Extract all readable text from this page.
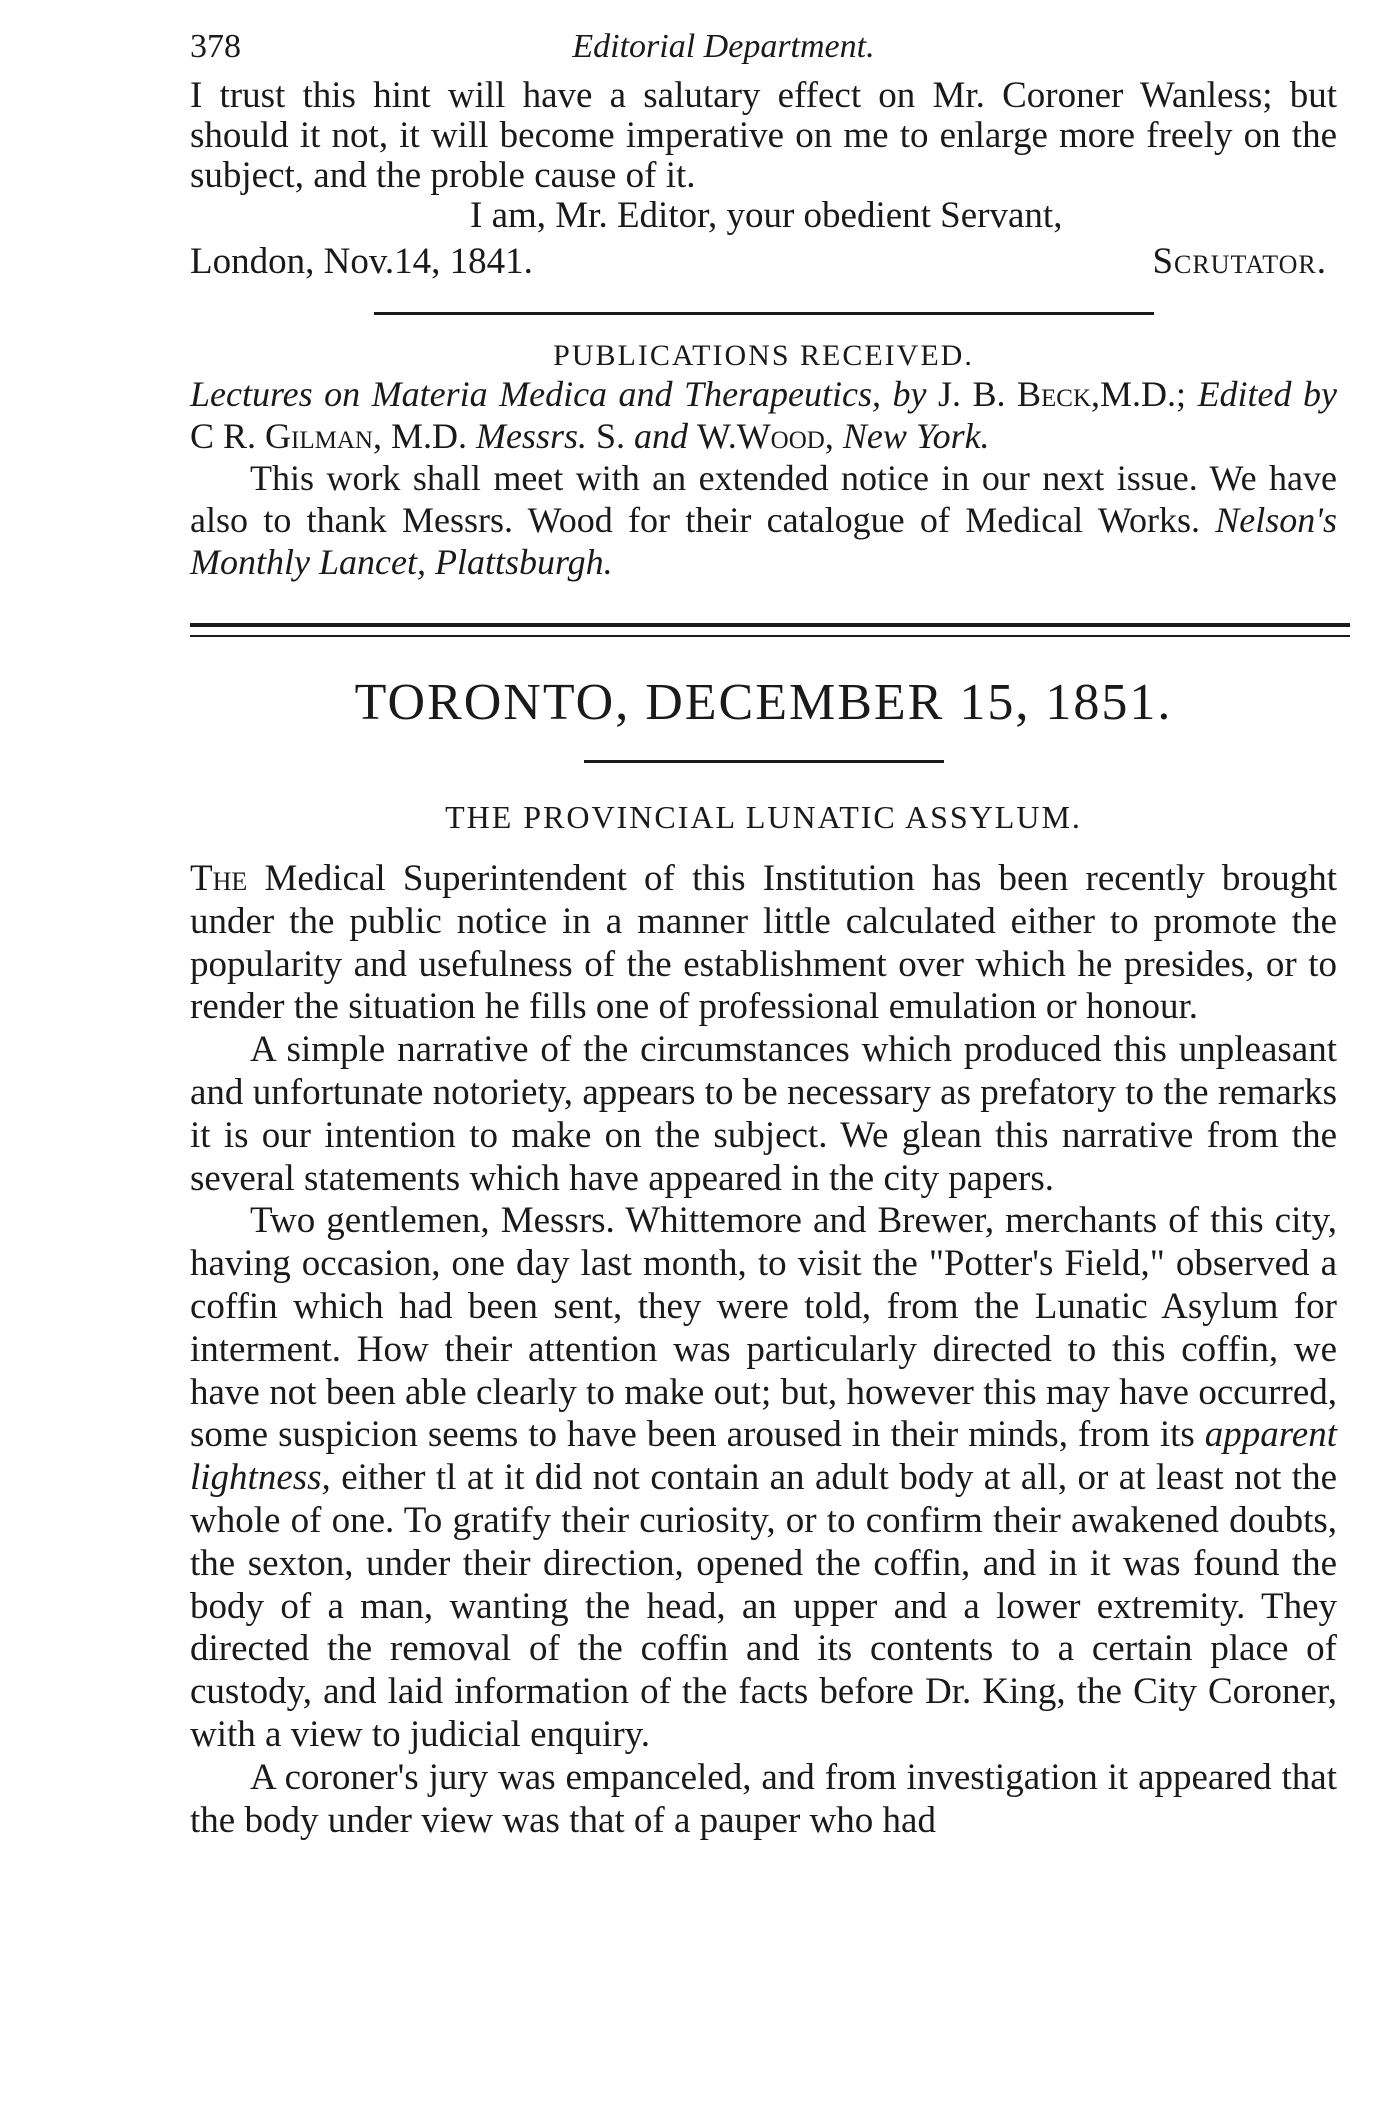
378	Editorial Department.

I trust this hint will have a salutary effect on Mr. Coroner Wanless; but should it not, it will become imperative on me to enlarge more freely on the subject, and the proble cause of it.

I am, Mr. Editor, your obedient Servant,
London, Nov.14, 1841.	Scrutator.
PUBLICATIONS RECEIVED.

Lectures on Materia Medica and Therapeutics, by J. B. Beck,M.D.; Edited by C R. Gilman, M.D. Messrs. S. and W.Wood, New York.

This work shall meet with an extended notice in our next issue. We have also to thank Messrs. Wood for their catalogue of Medical Works. Nelson's Monthly Lancet, Plattsburgh.

TORONTO, DECEMBER 15, 1851.
THE PROVINCIAL LUNATIC ASSYLUM.

The Medical Superintendent of this Institution has been recently brought under the public notice in a manner little calculated either to promote the popularity and usefulness of the establishment over which he presides, or to render the situation he fills one of professional emulation or honour.

A simple narrative of the circumstances which produced this unpleasant and unfortunate notoriety, appears to be necessary as prefatory to the remarks it is our intention to make on the subject. We glean this narrative from the several statements which have appeared in the city papers.

Two gentlemen, Messrs. Whittemore and Brewer, merchants of this city, having occasion, one day last month, to visit the "Potter's Field," observed a coffin which had been sent, they were told, from the Lunatic Asylum for interment. How their attention was particularly directed to this coffin, we have not been able clearly to make out; but, however this may have occurred, some suspicion seems to have been aroused in their minds, from its apparent lightness, either tl at it did not contain an adult body at all, or at least not the whole of one. To gratify their curiosity, or to confirm their awakened doubts, the sexton, under their direction, opened the coffin, and in it was found the body of a man, wanting the head, an upper and a lower extremity. They directed the removal of the coffin and its contents to a certain place of custody, and laid information of the facts before Dr. King, the City Coroner, with a view to judicial enquiry.

A coroner's jury was empanceled, and from investigation it appeared that the body under view was that of a pauper who had
